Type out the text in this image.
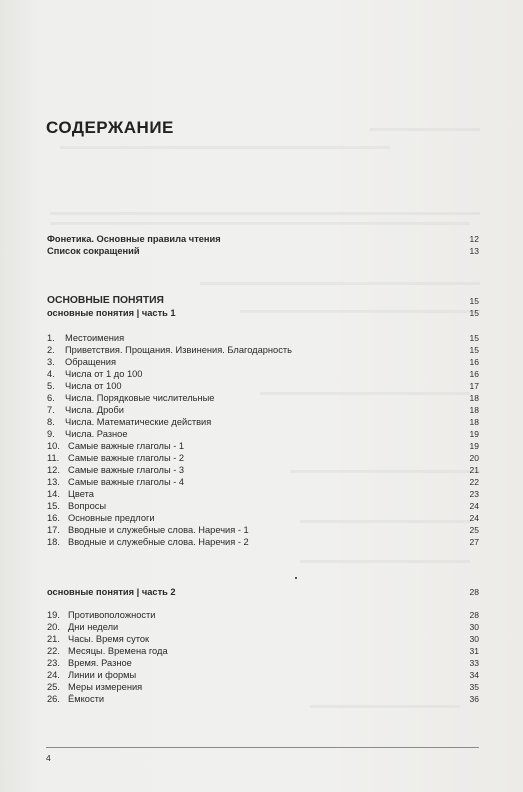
СОДЕРЖАНИЕ
Фонетика. Основные правила чтения	12
Список сокращений	13
ОСНОВНЫЕ ПОНЯТИЯ	15
основные понятия | часть 1	15
1. Местоимения	15
2. Приветствия. Прощания. Извинения. Благодарность	15
3. Обращения	16
4. Числа от 1 до 100	16
5. Числа от 100	17
6. Числа. Порядковые числительные	18
7. Числа. Дроби	18
8. Числа. Математические действия	18
9. Числа. Разное	19
10. Самые важные глаголы - 1	19
11. Самые важные глаголы - 2	20
12. Самые важные глаголы - 3	21
13. Самые важные глаголы - 4	22
14. Цвета	23
15. Вопросы	24
16. Основные предлоги	24
17. Вводные и служебные слова. Наречия - 1	25
18. Вводные и служебные слова. Наречия - 2	27
основные понятия | часть 2	28
19. Противоположности	28
20. Дни недели	30
21. Часы. Время суток	30
22. Месяцы. Времена года	31
23. Время. Разное	33
24. Линии и формы	34
25. Меры измерения	35
26. Ёмкости	36
4
